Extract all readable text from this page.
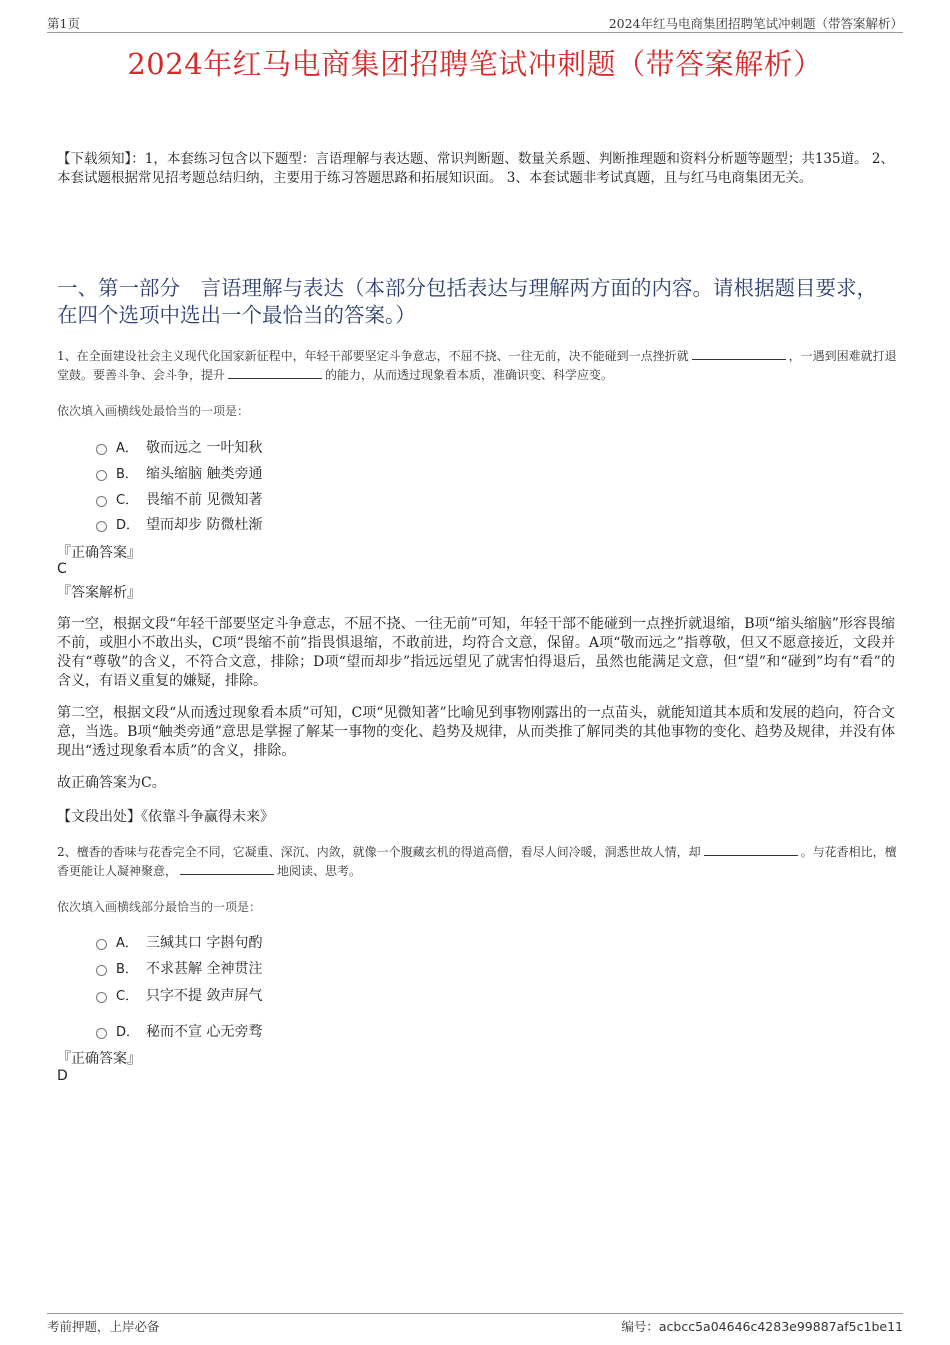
第1页	2024年红马电商集团招聘笔试冲刺题（带答案解析）
2024年红马电商集团招聘笔试冲刺题（带答案解析）
【下载须知】：1，本套练习包含以下题型：言语理解与表达题、常识判断题、数量关系题、判断推理题和资料分析题等题型；共135道。 2、本套试题根据常见招考题总结归纳，主要用于练习答题思路和拓展知识面。 3、本套试题非考试真题，且与红马电商集团无关。
一、第一部分　言语理解与表达（本部分包括表达与理解两方面的内容。请根据题目要求，在四个选项中选出一个最恰当的答案。）
1、在全面建设社会主义现代化国家新征程中，年轻干部要坚定斗争意志，不屈不挠、一往无前，决不能碰到一点挫折就	，一遇到困难就打退堂鼓。要善斗争、会斗争，提升	的能力，从而透过现象看本质，准确识变、科学应变。
依次填入画横线处最恰当的一项是：
A． 敬而远之 一叶知秋
B． 缩头缩脑 触类旁通
C． 畏缩不前 见微知著
D． 望而却步 防微杜渐
『正确答案』
C
『答案解析』
第一空，根据文段“年轻干部要坚定斗争意志，不屈不挠、一往无前”可知，年轻干部不能碰到一点挫折就退缩，B项“缩头缩脑”形容畏缩不前，或胆小不敢出头，C项“畏缩不前”指畏惧退缩，不敢前进，均符合文意，保留。A项“敬而远之”指尊敬，但又不愿意接近，文段并没有“尊敬”的含义，不符合文意，排除；D项“望而却步”指远远望见了就害怕得退后，虽然也能满足文意，但“望”和“碰到”均有“看”的含义，有语义重复的嫌疑，排除。
第二空，根据文段“从而透过现象看本质”可知，C项“见微知著”比喻见到事物刚露出的一点苗头，就能知道其本质和发展的趋向，符合文意，当选。B项“触类旁通”意思是掌握了解某一事物的变化、趋势及规律，从而类推了解同类的其他事物的变化、趋势及规律，并没有体现出“透过现象看本质”的含义，排除。
故正确答案为C。
【文段出处】《依靠斗争赢得未来》
2、檀香的香味与花香完全不同，它凝重、深沉、内敛，就像一个腹藏玄机的得道高僧，看尽人间冷暖，洞悉世故人情，却	。与花香相比，檀香更能让人凝神聚意，	地阅读、思考。
依次填入画横线部分最恰当的一项是：
A． 三缄其口 字斟句酌
B． 不求甚解 全神贯注
C． 只字不提 敛声屏气
D． 秘而不宣 心无旁骛
『正确答案』
D
考前押题，上岸必备	编号：acbcc5a04646c4283e99887af5c1be11
